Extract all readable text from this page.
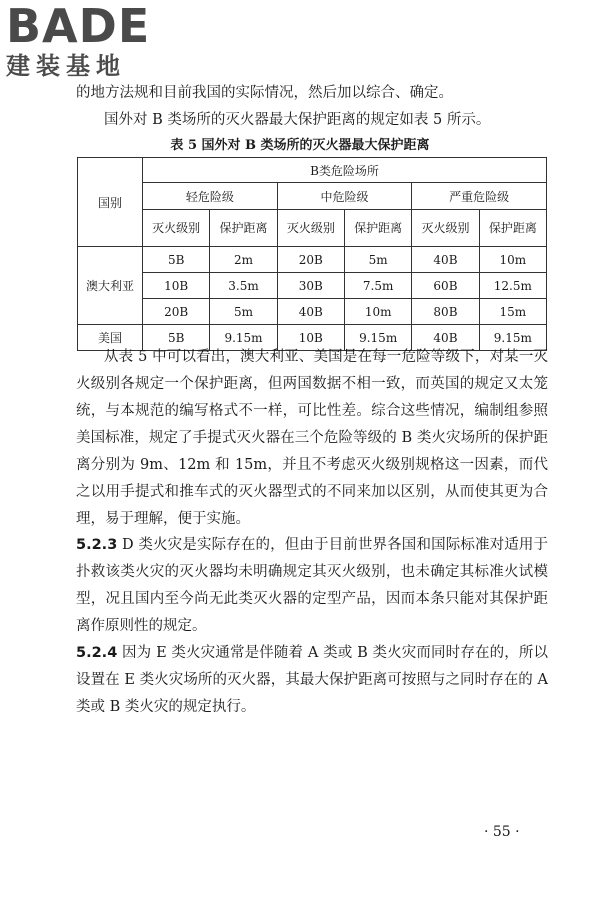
BADE
建装基地
的地方法规和目前我国的实际情况，然后加以综合、确定。
国外对 B 类场所的灭火器最大保护距离的规定如表 5 所示。
表 5 国外对 B 类场所的灭火器最大保护距离
国别	B类危险场所					
	轻危险级		中危险级		严重危险级	
	灭火级别	保护距离	灭火级别	保护距离	灭火级别	保护距离
澳大利亚	5B	2m	20B	5m	40B	10m
	10B	3.5m	30B	7.5m	60B	12.5m
	20B	5m	40B	10m	80B	15m
美国	5B	9.15m	10B	9.15m	40B	9.15m
从表 5 中可以看出，澳大利亚、美国是在每一危险等级下，对某一灭火级别各规定一个保护距离，但两国数据不相一致，而英国的规定又太笼统，与本规范的编写格式不一样，可比性差。综合这些情况，编制组参照美国标准，规定了手提式灭火器在三个危险等级的 B 类火灾场所的保护距离分别为 9m、12m 和 15m，并且不考虑灭火级别规格这一因素，而代之以用手提式和推车式的灭火器型式的不同来加以区别，从而使其更为合理，易于理解，便于实施。
5.2.3 D 类火灾是实际存在的，但由于目前世界各国和国际标准对适用于扑救该类火灾的灭火器均未明确规定其灭火级别，也未确定其标准火试模型，况且国内至今尚无此类灭火器的定型产品，因而本条只能对其保护距离作原则性的规定。
5.2.4 因为 E 类火灾通常是伴随着 A 类或 B 类火灾而同时存在的，所以设置在 E 类火灾场所的灭火器，其最大保护距离可按照与之同时存在的 A 类或 B 类火灾的规定执行。
· 55 ·
